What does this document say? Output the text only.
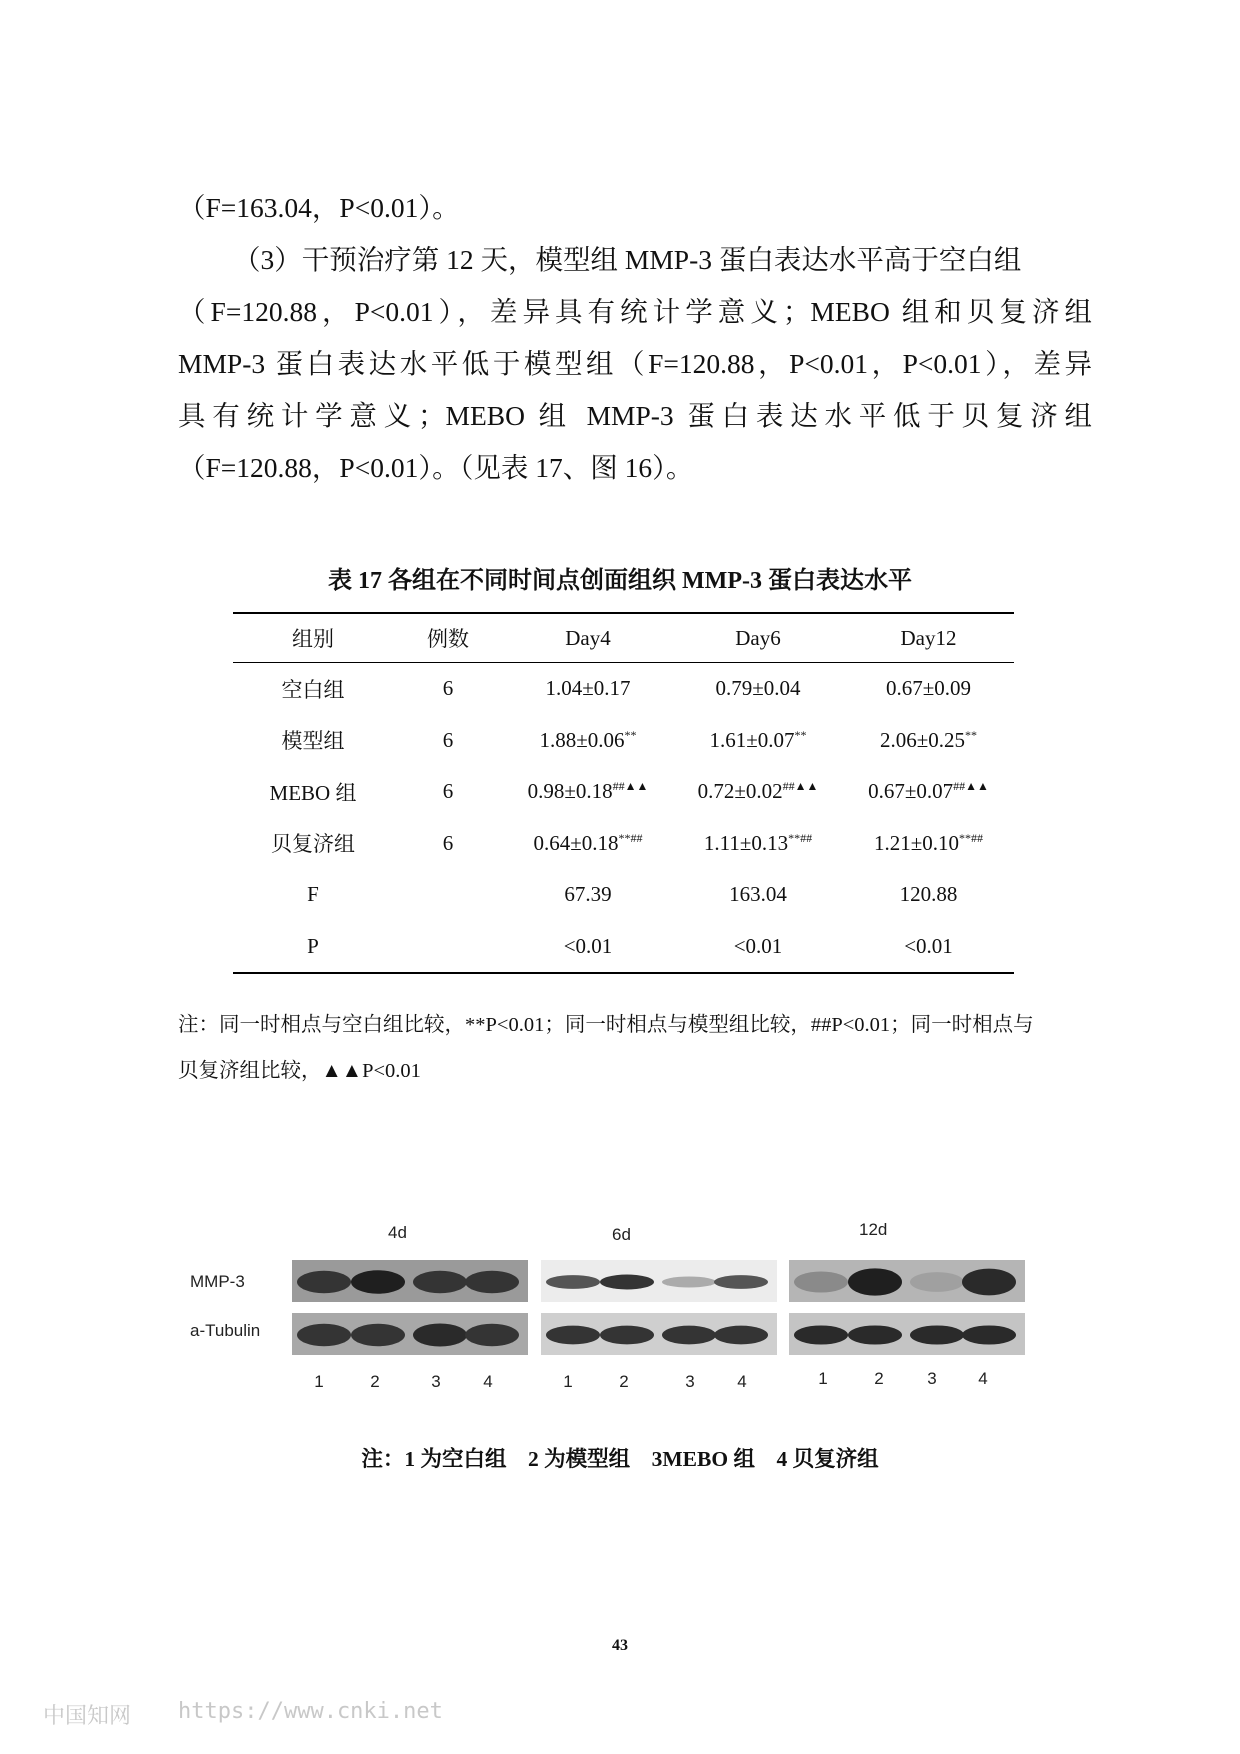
（F=163.04，P<0.01）。
（3）干预治疗第 12 天，模型组 MMP-3 蛋白表达水平高于空白组
（F=120.88，P<0.01），差异具有统计学意义；MEBO 组和贝复济组
MMP-3 蛋白表达水平低于模型组（F=120.88，P<0.01，P<0.01），差异
具有统计学意义；MEBO 组 MMP-3 蛋白表达水平低于贝复济组
（F=120.88，P<0.01）。（见表 17、图 16）。
表 17 各组在不同时间点创面组织 MMP-3 蛋白表达水平
组别	例数	Day4	Day6	Day12
空白组	6	1.04±0.17	0.79±0.04	0.67±0.09
模型组	6	1.88±0.06**	1.61±0.07**	2.06±0.25**
MEBO 组	6	0.98±0.18##▲▲	0.72±0.02##▲▲	0.67±0.07##▲▲
贝复济组	6	0.64±0.18**##	1.11±0.13**##	1.21±0.10**##
F		67.39	163.04	120.88
P		<0.01	<0.01	<0.01
注：同一时相点与空白组比较，**P<0.01；同一时相点与模型组比较，##P<0.01；同一时相点与
贝复济组比较，▲▲P<0.01
4d	6d	12d
MMP-3
a-Tubulin
1	2	3	4	1	2	3	4	1	2	3	4
注：1 为空白组　2 为模型组　3MEBO 组　4 贝复济组
43
中国知网 https://www.cnki.net
